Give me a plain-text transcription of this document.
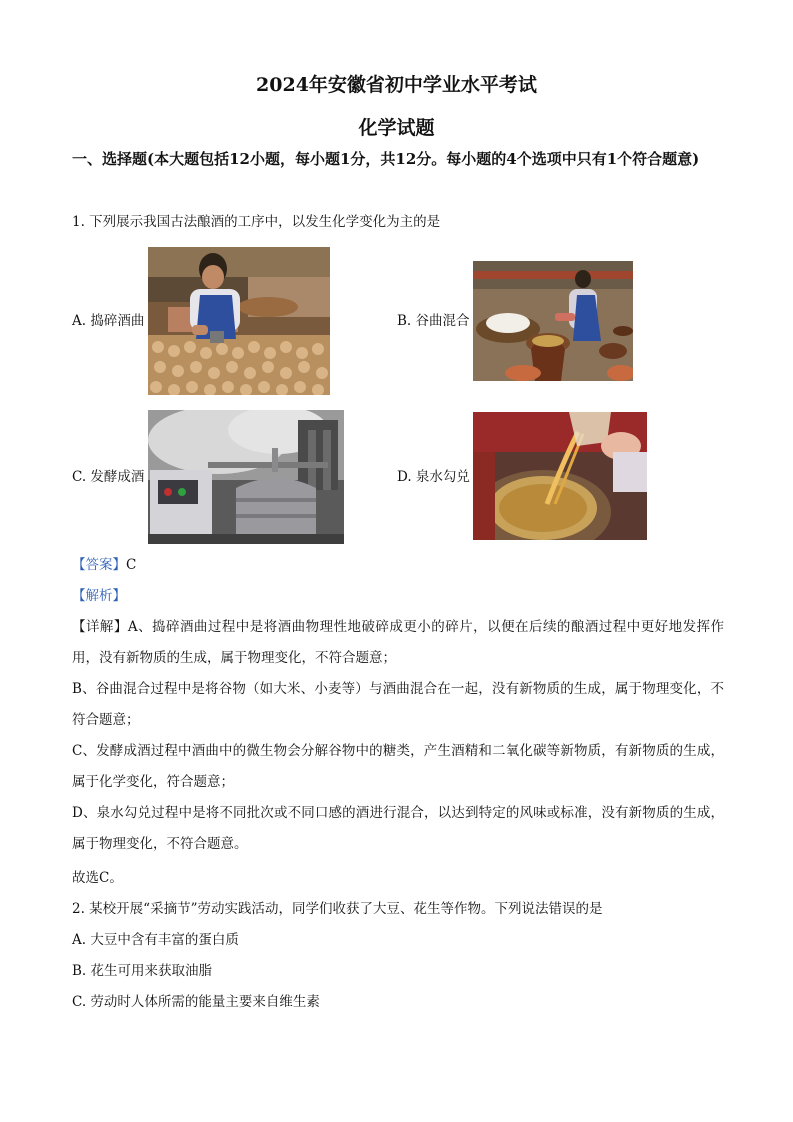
2024年安徽省初中学业水平考试
化学试题
一、选择题(本大题包括12小题，每小题1分，共12分。每小题的4个选项中只有1个符合题意)
1. 下列展示我国古法酿酒的工序中，以发生化学变化为主的是
A. 捣碎酒曲	B. 谷曲混合
C. 发酵成酒	D. 泉水勾兑
【答案】C
【解析】
【详解】A、捣碎酒曲过程中是将酒曲物理性地破碎成更小的碎片，以便在后续的酿酒过程中更好地发挥作用，没有新物质的生成，属于物理变化，不符合题意；
B、谷曲混合过程中是将谷物（如大米、小麦等）与酒曲混合在一起，没有新物质的生成，属于物理变化，不符合题意；
C、发酵成酒过程中酒曲中的微生物会分解谷物中的糖类，产生酒精和二氧化碳等新物质，有新物质的生成，属于化学变化，符合题意；
D、泉水勾兑过程中是将不同批次或不同口感的酒进行混合，以达到特定的风味或标准，没有新物质的生成，属于物理变化，不符合题意。
故选C。
2. 某校开展“采摘节”劳动实践活动，同学们收获了大豆、花生等作物。下列说法错误的是
A. 大豆中含有丰富的蛋白质
B. 花生可用来获取油脂
C. 劳动时人体所需的能量主要来自维生素
